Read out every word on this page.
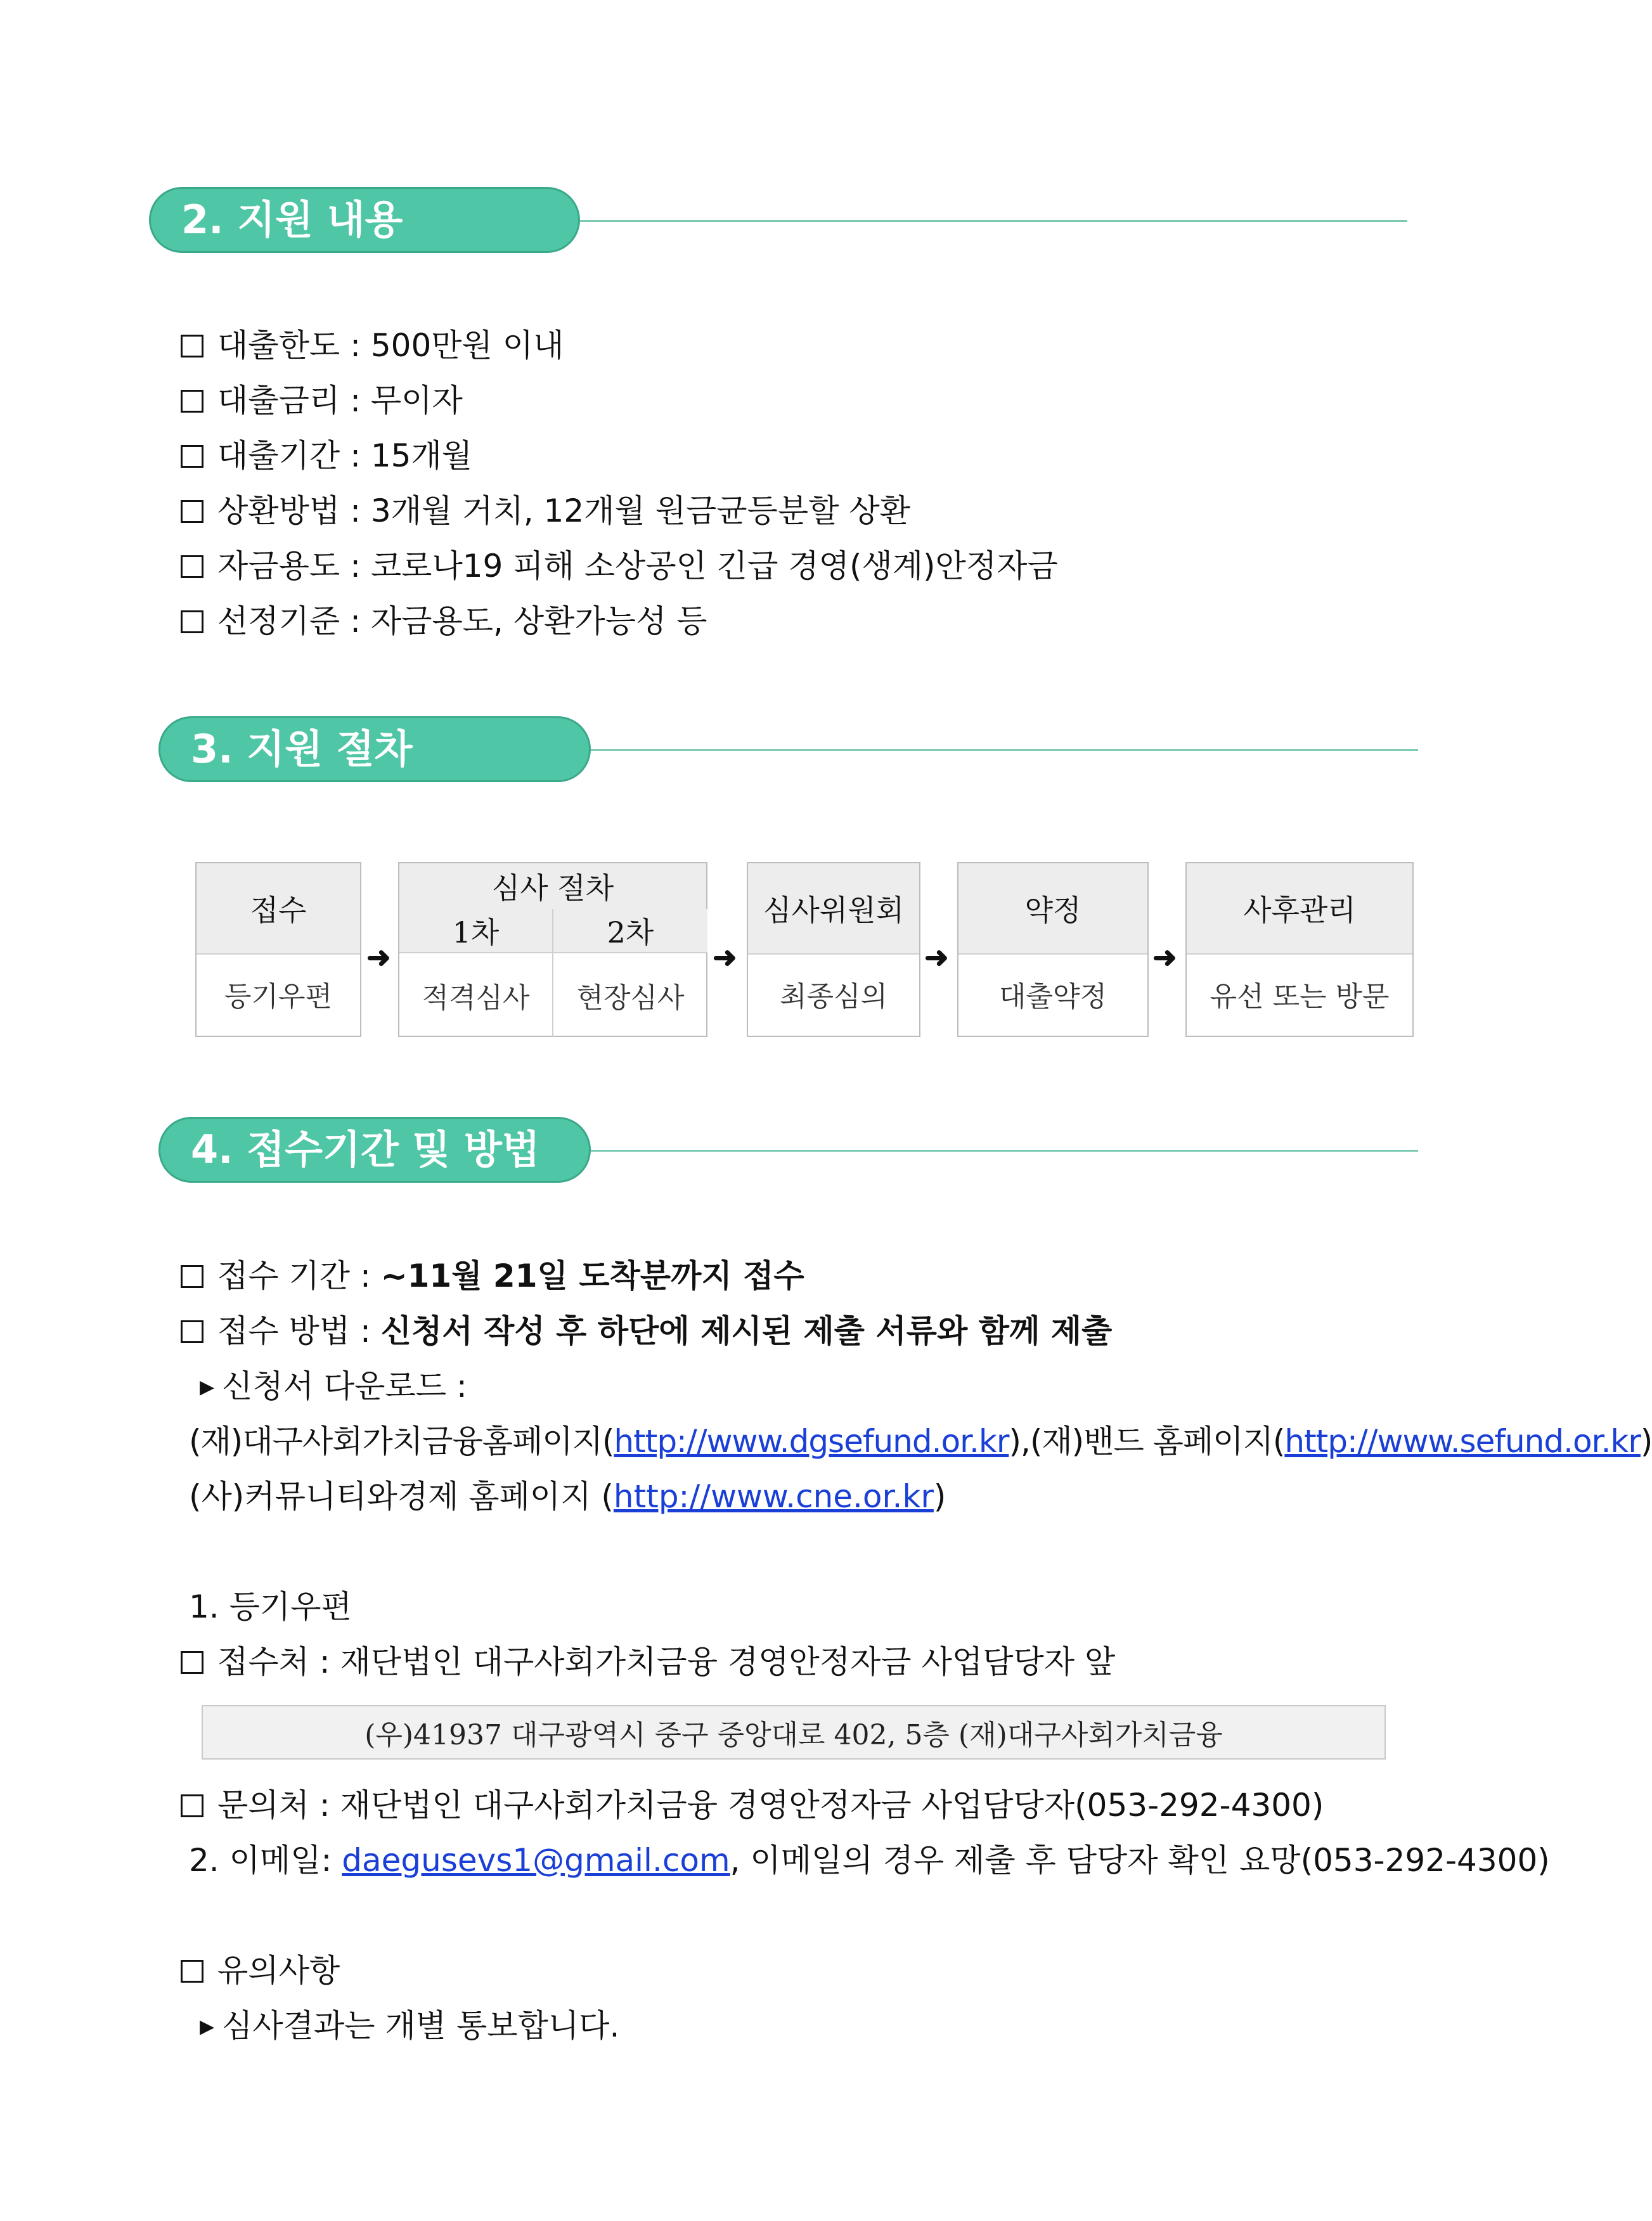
2. 지원 내용
대출한도 : 500만원 이내
대출금리 : 무이자
대출기간 : 15개월
상환방법 : 3개월 거치, 12개월 원금균등분할 상환
자금용도 : 코로나19 피해 소상공인 긴급 경영(생계)안정자금
선정기준 : 자금용도, 상환가능성 등
3. 지원 절차
접수
등기우편
➜
심사 절차
1차	2차
적격심사	현장심사
➜
심사위원회
최종심의
➜
약정
대출약정
➜
사후관리
유선 또는 방문
4. 접수기간 및 방법
접수 기간 : ~11월 21일 도착분까지 접수
접수 방법 : 신청서 작성 후 하단에 제시된 제출 서류와 함께 제출
▶ 신청서 다운로드 :
(재)대구사회가치금융홈페이지(http://www.dgsefund.or.kr),(재)밴드 홈페이지(http://www.sefund.or.kr)
(사)커뮤니티와경제 홈페이지 (http://www.cne.or.kr)
1. 등기우편
접수처 : 재단법인 대구사회가치금융 경영안정자금 사업담당자 앞
(우)41937 대구광역시 중구 중앙대로 402, 5층 (재)대구사회가치금융
문의처 : 재단법인 대구사회가치금융 경영안정자금 사업담당자(053-292-4300)
2. 이메일: daegusevs1@gmail.com, 이메일의 경우 제출 후 담당자 확인 요망(053-292-4300)
유의사항
▶ 심사결과는 개별 통보합니다.
